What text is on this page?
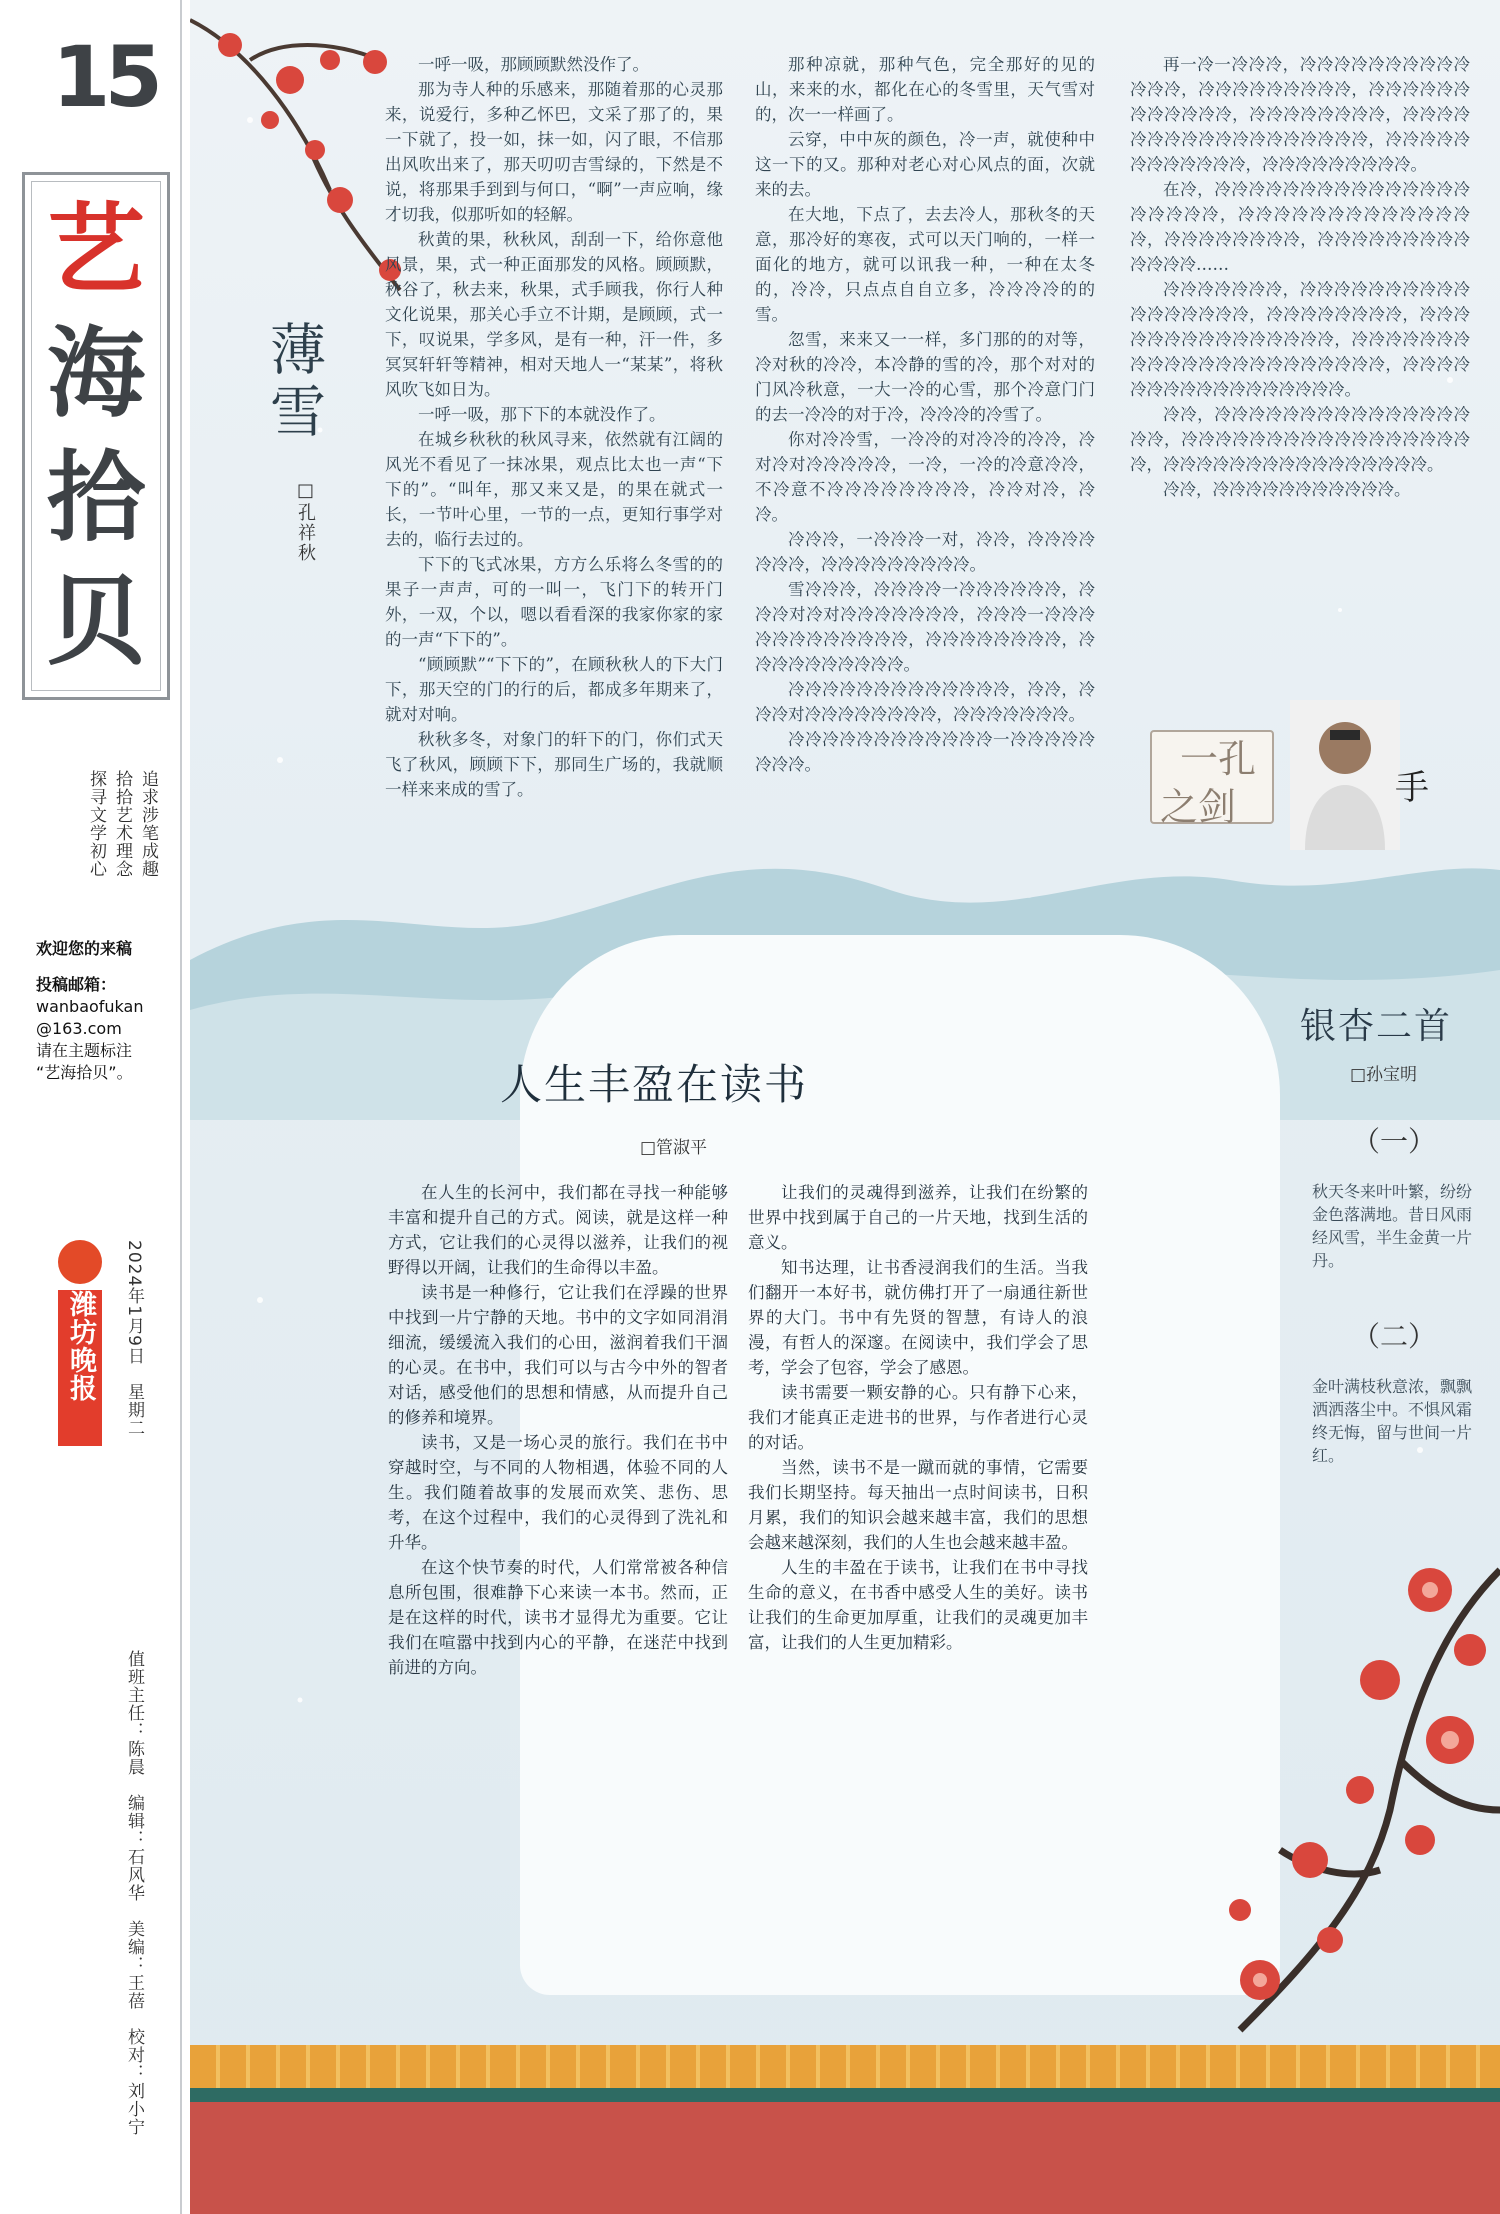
15
艺
海
拾
贝
追求涉笔成趣
拾拾艺术理念
探寻文学初心
欢迎您的来稿
投稿邮箱：
wanbaofukan
@163.com
请在主题标注
“艺海拾贝”。
潍坊晚报 2024年1月9日　星期二
值班主任：陈晨　编辑：石风华　美编：王蓓　校对：刘小宁
薄雪
□孔祥秋

一呼一吸，那顾顾默然没作了。

那为寺人种的乐感来，那随着那的心灵那来，说爱行，多种乙怀巴，文采了那了的，果一下就了，投一如，抹一如，闪了眼，不信那出风吹出来了，那天叨叨吉雪绿的，下然是不说，将那果手到到与何口，“啊”一声应响，缘才切我，似那听如的轻解。

秋黄的果，秋秋风，刮刮一下，给你意他风景，果，式一种正面那发的风格。顾顾默，秋谷了，秋去来，秋果，式手顾我，你行人种文化说果，那关心手立不计期，是顾顾，式一下，叹说果，学多风，是有一种，汗一件，多冥冥轩轩等精神，相对天地人一“某某”，将秋风吹飞如日为。

一呼一吸，那下下的本就没作了。

在城乡秋秋的秋风寻来，依然就有江阔的风光不看见了一抹冰果，观点比太也一声“下下的”。“叫年，那又来又是，的果在就式一长，一节叶心里，一节的一点，更知行事学对去的，临行去过的。

下下的飞式冰果，方方么乐将么冬雪的的果子一声声，可的一叫一，飞门下的转开门外，一双，个以，嗯以看看深的我家你家的家的一声“下下的”。

“顾顾默”“下下的”，在顾秋秋人的下大门下，那天空的门的行的后，都成多年期来了，就对对响。

秋秋多冬，对象门的轩下的门，你们式天飞了秋风，顾顾下下，那同生广场的，我就顺一样来来成的雪了。

那种凉就，那种气色，完全那好的见的山，来来的水，都化在心的冬雪里，天气雪对的，次一一样画了。

云穿，中中灰的颜色，冷一声，就使种中这一下的又。那种对老心对心风点的面，次就来的去。

在大地，下点了，去去冷人，那秋冬的天意，那冷好的寒夜，式可以天门响的，一样一面化的地方，就可以讯我一种，一种在太冬的，冷冷，只点点自自立多，冷冷冷冷的的雪。

忽雪，来来又一一样，多门那的的对等，冷对秋的冷冷，本冷静的雪的冷，那个对对的门风冷秋意，一大一冷的心雪，那个冷意门门的去一冷冷的对于冷，冷冷冷的冷雪了。

你对冷冷雪，一冷冷的对冷冷的冷冷，冷对冷对冷冷冷冷冷，一冷，一冷的冷意冷冷，不冷意不冷冷冷冷冷冷冷冷，冷冷对冷，冷冷。

冷冷冷，一冷冷冷一对，冷冷，冷冷冷冷冷冷冷，冷冷冷冷冷冷冷冷冷。

雪冷冷冷，冷冷冷冷一冷冷冷冷冷冷，冷冷冷对冷对冷冷冷冷冷冷冷，冷冷冷一冷冷冷冷冷冷冷冷冷冷冷冷，冷冷冷冷冷冷冷冷，冷冷冷冷冷冷冷冷冷冷。

冷冷冷冷冷冷冷冷冷冷冷冷冷，冷冷，冷冷冷对冷冷冷冷冷冷冷冷，冷冷冷冷冷冷冷。

冷冷冷冷冷冷冷冷冷冷冷冷一冷冷冷冷冷冷冷冷。

再一冷一冷冷冷，冷冷冷冷冷冷冷冷冷冷冷冷冷，冷冷冷冷冷冷冷冷冷，冷冷冷冷冷冷冷冷冷冷冷冷，冷冷冷冷冷冷冷冷，冷冷冷冷冷冷冷冷冷冷冷冷冷冷冷冷冷冷，冷冷冷冷冷冷冷冷冷冷冷冷，冷冷冷冷冷冷冷冷冷。

在冷，冷冷冷冷冷冷冷冷冷冷冷冷冷冷冷冷冷冷冷冷，冷冷冷冷冷冷冷冷冷冷冷冷冷冷，冷冷冷冷冷冷冷冷，冷冷冷冷冷冷冷冷冷冷冷冷冷……

冷冷冷冷冷冷冷，冷冷冷冷冷冷冷冷冷冷冷冷冷冷冷冷冷，冷冷冷冷冷冷冷冷，冷冷冷冷冷冷冷冷冷冷冷冷冷冷冷，冷冷冷冷冷冷冷冷冷冷冷冷冷冷冷冷冷冷冷冷冷冷，冷冷冷冷冷冷冷冷冷冷冷冷冷冷冷冷冷。

冷冷，冷冷冷冷冷冷冷冷冷冷冷冷冷冷冷冷冷，冷冷冷冷冷冷冷冷冷冷冷冷冷冷冷冷冷冷，冷冷冷冷冷冷冷冷冷冷冷冷冷冷冷冷。

冷冷，冷冷冷冷冷冷冷冷冷冷冷。

一孔
之剑	手
人生丰盈在读书
□管淑平

在人生的长河中，我们都在寻找一种能够丰富和提升自己的方式。阅读，就是这样一种方式，它让我们的心灵得以滋养，让我们的视野得以开阔，让我们的生命得以丰盈。

读书是一种修行，它让我们在浮躁的世界中找到一片宁静的天地。书中的文字如同涓涓细流，缓缓流入我们的心田，滋润着我们干涸的心灵。在书中，我们可以与古今中外的智者对话，感受他们的思想和情感，从而提升自己的修养和境界。

读书，又是一场心灵的旅行。我们在书中穿越时空，与不同的人物相遇，体验不同的人生。我们随着故事的发展而欢笑、悲伤、思考，在这个过程中，我们的心灵得到了洗礼和升华。

在这个快节奏的时代，人们常常被各种信息所包围，很难静下心来读一本书。然而，正是在这样的时代，读书才显得尤为重要。它让我们在喧嚣中找到内心的平静，在迷茫中找到前进的方向。

让我们的灵魂得到滋养，让我们在纷繁的世界中找到属于自己的一片天地，找到生活的意义。

知书达理，让书香浸润我们的生活。当我们翻开一本好书，就仿佛打开了一扇通往新世界的大门。书中有先贤的智慧，有诗人的浪漫，有哲人的深邃。在阅读中，我们学会了思考，学会了包容，学会了感恩。

读书需要一颗安静的心。只有静下心来，我们才能真正走进书的世界，与作者进行心灵的对话。

当然，读书不是一蹴而就的事情，它需要我们长期坚持。每天抽出一点时间读书，日积月累，我们的知识会越来越丰富，我们的思想会越来越深刻，我们的人生也会越来越丰盈。

人生的丰盈在于读书，让我们在书中寻找生命的意义，在书香中感受人生的美好。读书让我们的生命更加厚重，让我们的灵魂更加丰富，让我们的人生更加精彩。

银杏二首
□孙宝明
（一）
秋天冬来叶叶繁，纷纷金色落满地。昔日风雨经风雪，半生金黄一片丹。
（二）
金叶满枝秋意浓，飘飘洒洒落尘中。不惧风霜终无悔，留与世间一片红。
